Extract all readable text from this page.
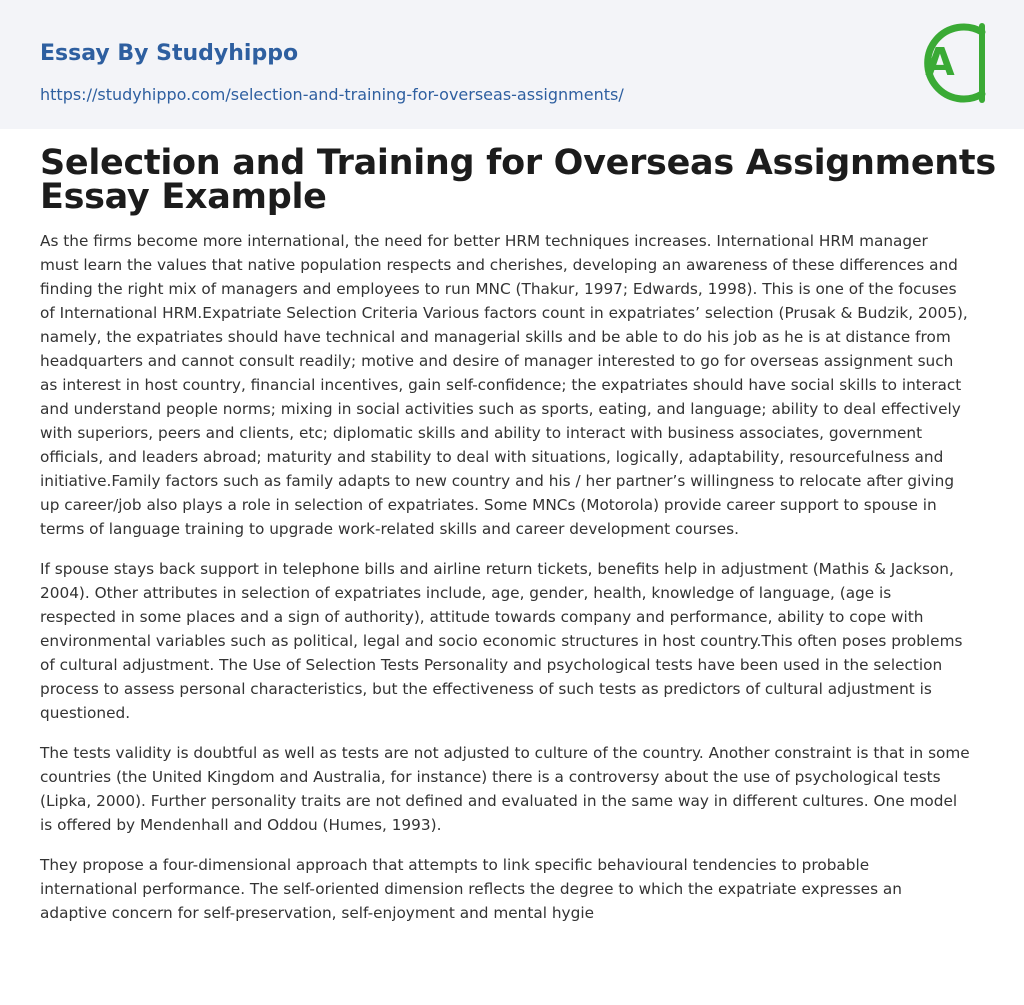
Essay By Studyhippo
https://studyhippo.com/selection-and-training-for-overseas-assignments/
A
Selection and Training for Overseas Assignments Essay Example

As the firms become more international, the need for better HRM techniques increases. International HRM manager must learn the values that native population respects and cherishes, developing an awareness of these differences and finding the right mix of managers and employees to run MNC (Thakur, 1997; Edwards, 1998). This is one of the focuses of International HRM.Expatriate Selection Criteria Various factors count in expatriates’ selection (Prusak & Budzik, 2005), namely, the expatriates should have technical and managerial skills and be able to do his job as he is at distance from headquarters and cannot consult readily; motive and desire of manager interested to go for overseas assignment such as interest in host country, financial incentives, gain self-confidence; the expatriates should have social skills to interact and understand people norms; mixing in social activities such as sports, eating, and language; ability to deal effectively with superiors, peers and clients, etc; diplomatic skills and ability to interact with business associates, government officials, and leaders abroad; maturity and stability to deal with situations, logically, adaptability, resourcefulness and initiative.Family factors such as family adapts to new country and his / her partner’s willingness to relocate after giving up career/job also plays a role in selection of expatriates. Some MNCs (Motorola) provide career support to spouse in terms of language training to upgrade work-related skills and career development courses.

If spouse stays back support in telephone bills and airline return tickets, benefits help in adjustment (Mathis & Jackson, 2004). Other attributes in selection of expatriates include, age, gender, health, knowledge of language, (age is respected in some places and a sign of authority), attitude towards company and performance, ability to cope with environmental variables such as political, legal and socio economic structures in host country.This often poses problems of cultural adjustment. The Use of Selection Tests Personality and psychological tests have been used in the selection process to assess personal characteristics, but the effectiveness of such tests as predictors of cultural adjustment is questioned.

The tests validity is doubtful as well as tests are not adjusted to culture of the country. Another constraint is that in some countries (the United Kingdom and Australia, for instance) there is a controversy about the use of psychological tests (Lipka, 2000). Further personality traits are not defined and evaluated in the same way in different cultures. One model is offered by Mendenhall and Oddou (Humes, 1993).

They propose a four-dimensional approach that attempts to link specific behavioural tendencies to probable international performance. The self-oriented dimension reflects the degree to which the expatriate expresses an adaptive concern for self-preservation, self-enjoyment and mental hygie
